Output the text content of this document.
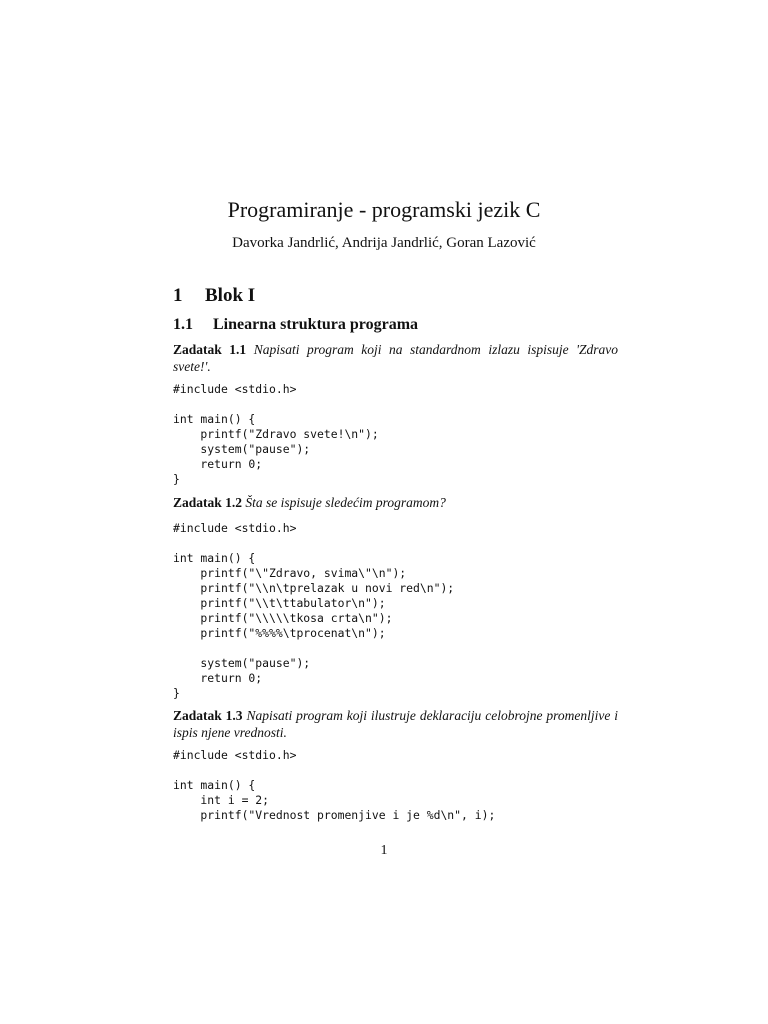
Programiranje - programski jezik C
Davorka Jandrlić, Andrija Jandrlić, Goran Lazović
1 Blok I
1.1 Linearna struktura programa
Zadatak 1.1 Napisati program koji na standardnom izlazu ispisuje 'Zdravo svete!'.
#include <stdio.h>

int main() {
printf("Zdravo svete!\n");
system("pause");
return 0;
}
Zadatak 1.2 Šta se ispisuje sledećim programom?
#include <stdio.h>

int main() {
printf("\"Zdravo, svima\"\n");
printf("\\n\tprelazak u novi red\n");
printf("\\t\ttabulator\n");
printf("\\\\\tkosa crta\n");
printf("%%%%\tprocenat\n");

system("pause");
return 0;
}
Zadatak 1.3 Napisati program koji ilustruje deklaraciju celobrojne promenljive i ispis njene vrednosti.
#include <stdio.h>

int main() {
int i = 2;
printf("Vrednost promenjive i je %d\n", i);
1
